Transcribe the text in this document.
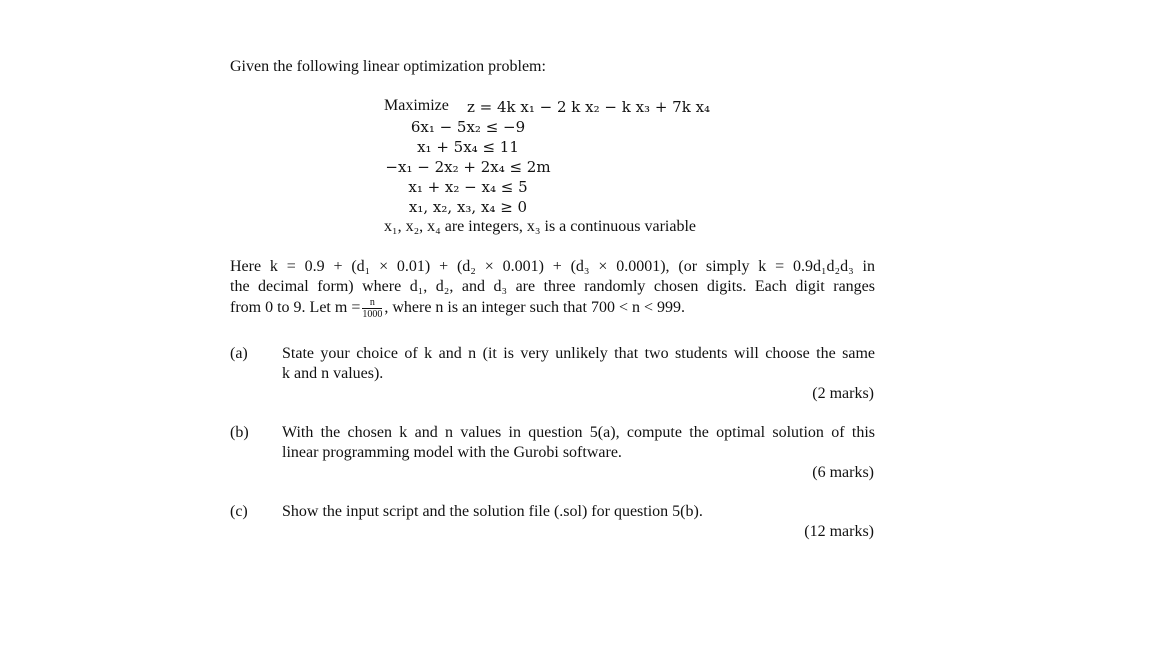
Given the following linear optimization problem:
Maximize z = 4k x₁ − 2 k x₂ − k x₃ + 7k x₄
6x₁ − 5x₂ ≤ −9
x₁ + 5x₄ ≤ 11
−x₁ − 2x₂ + 2x₄ ≤ 2m
x₁ + x₂ − x₄ ≤ 5
x₁, x₂, x₃, x₄ ≥ 0
x₁, x₂, x₄ are integers, x₃ is a continuous variable
Here k = 0.9 + (d₁ × 0.01) + (d₂ × 0.001) + (d₃ × 0.0001), (or simply k = 0.9d₁d₂d₃ in
the decimal form) where d₁, d₂, and d₃ are three randomly chosen digits. Each digit ranges
from 0 to 9. Let $m = \frac{n}{1000}$ , where n is an integer such that 700 < n < 999.
(a) State your choice of k and n (it is very unlikely that two students will choose the same
k and n values).
(2 marks)
(b) With the chosen k and n values in question 5(a), compute the optimal solution of this
linear programming model with the Gurobi software.
(6 marks)
(c) Show the input script and the solution file (.sol) for question 5(b).
(12 marks)
